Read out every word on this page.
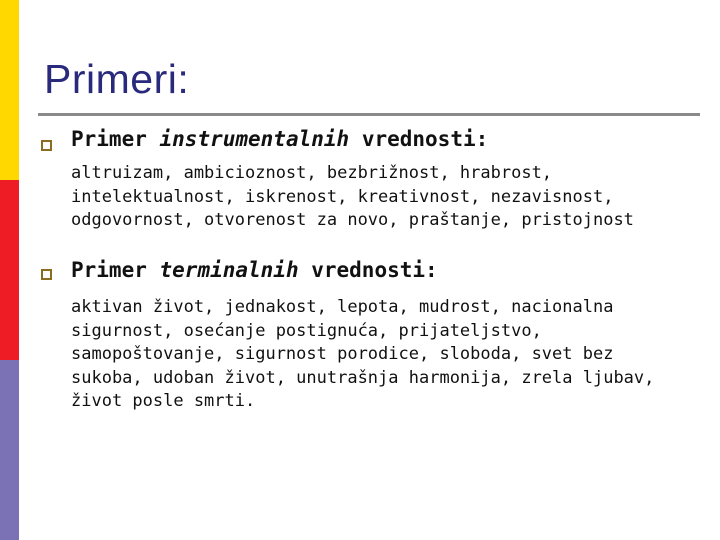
Primeri:
Primer instrumentalnih vrednosti:
altruizam, ambicioznost, bezbrižnost, hrabrost,
intelektualnost, iskrenost, kreativnost, nezavisnost,
odgovornost, otvorenost za novo, praštanje, pristojnost
Primer terminalnih vrednosti:
aktivan život, jednakost, lepota, mudrost, nacionalna
sigurnost, osećanje postignuća, prijateljstvo,
samopoštovanje, sigurnost porodice, sloboda, svet bez
sukoba, udoban život, unutrašnja harmonija, zrela ljubav,
život posle smrti.
